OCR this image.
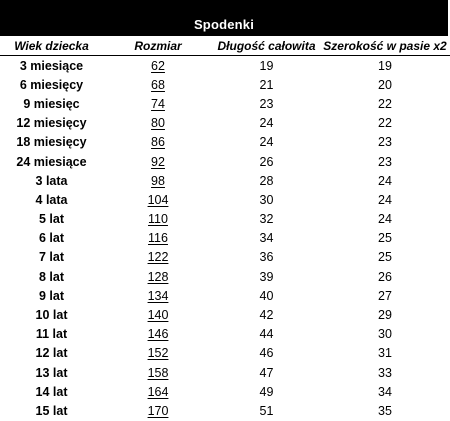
Spodenki
Wiek dziecka	Rozmiar	Długość całowita	Szerokość w pasie x2
3 miesiące	62	19	19
6 miesięcy	68	21	20
9 miesięc	74	23	22
12 miesięcy	80	24	22
18 miesięcy	86	24	23
24 miesiące	92	26	23
3 lata	98	28	24
4 lata	104	30	24
5 lat	110	32	24
6 lat	116	34	25
7 lat	122	36	25
8 lat	128	39	26
9 lat	134	40	27
10 lat	140	42	29
11 lat	146	44	30
12 lat	152	46	31
13 lat	158	47	33
14 lat	164	49	34
15 lat	170	51	35
